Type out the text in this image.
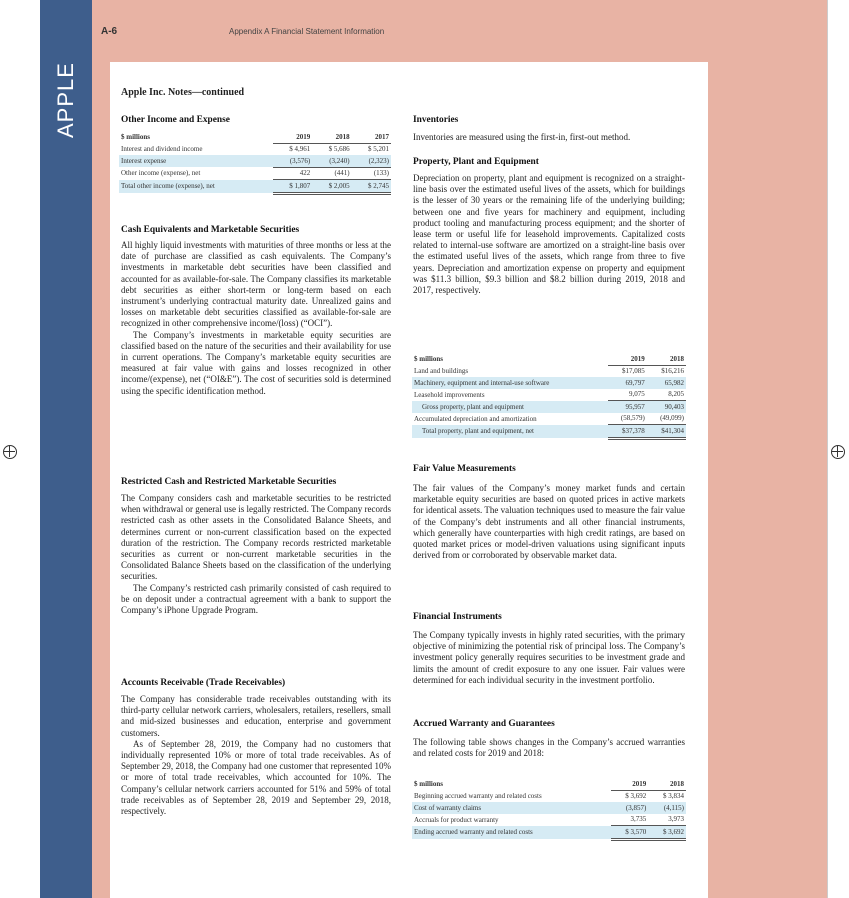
APPLE
A-6	Appendix A Financial Statement Information
Apple Inc. Notes—continued
Other Income and Expense
$ millions	2019	2018	2017
Interest and dividend income	$ 4,961	$ 5,686	$ 5,201
Interest expense	(3,576)	(3,240)	(2,323)
Other income (expense), net	422	(441)	(133)
Total other income (expense), net	$ 1,807	$ 2,005	$ 2,745
Cash Equivalents and Marketable Securities

All highly liquid investments with maturities of three months or less at the date of purchase are classified as cash equivalents. The Company’s investments in marketable debt securities have been classified and accounted for as available-for-sale. The Company classifies its marketable debt securities as either short-term or long-term based on each instrument’s underlying contractual maturity date. Unrealized gains and losses on marketable debt securities classified as available-for-sale are recognized in other comprehensive income/(loss) (“OCI”).

The Company’s investments in marketable equity securities are classified based on the nature of the securities and their availability for use in current operations. The Company’s marketable equity securities are measured at fair value with gains and losses recognized in other income/(expense), net (“OI&E”). The cost of securities sold is determined using the specific identification method.

Restricted Cash and Restricted Marketable Securities

The Company considers cash and marketable securities to be restricted when withdrawal or general use is legally restricted. The Company records restricted cash as other assets in the Consolidated Balance Sheets, and determines current or non-current classification based on the expected duration of the restriction. The Company records restricted marketable securities as current or non-current marketable securities in the Consolidated Balance Sheets based on the classification of the underlying securities.

The Company’s restricted cash primarily consisted of cash required to be on deposit under a contractual agreement with a bank to support the Company’s iPhone Upgrade Program.

Accounts Receivable (Trade Receivables)

The Company has considerable trade receivables outstanding with its third-party cellular network carriers, wholesalers, retailers, resellers, small and mid-sized businesses and education, enterprise and government customers.

As of September 28, 2019, the Company had no customers that individually represented 10% or more of total trade receivables. As of September 29, 2018, the Company had one customer that represented 10% or more of total trade receivables, which accounted for 10%. The Company’s cellular network carriers accounted for 51% and 59% of total trade receivables as of September 28, 2019 and September 29, 2018, respectively.

Inventories

Inventories are measured using the first-in, first-out method.

Property, Plant and Equipment

Depreciation on property, plant and equipment is recognized on a straight-line basis over the estimated useful lives of the assets, which for buildings is the lesser of 30 years or the remaining life of the underlying building; between one and five years for machinery and equipment, including product tooling and manufacturing process equipment; and the shorter of lease term or useful life for leasehold improvements. Capitalized costs related to internal-use software are amortized on a straight-line basis over the estimated useful lives of the assets, which range from three to five years. Depreciation and amortization expense on property and equipment was $11.3 billion, $9.3 billion and $8.2 billion during 2019, 2018 and 2017, respectively.

$ millions	2019	2018
Land and buildings	$17,085	$16,216
Machinery, equipment and internal-use software	69,797	65,982
Leasehold improvements	9,075	8,205
Gross property, plant and equipment	95,957	90,403
Accumulated depreciation and amortization	(58,579)	(49,099)
Total property, plant and equipment, net	$37,378	$41,304
Fair Value Measurements

The fair values of the Company’s money market funds and certain marketable equity securities are based on quoted prices in active markets for identical assets. The valuation techniques used to measure the fair value of the Company’s debt instruments and all other financial instruments, which generally have counterparties with high credit ratings, are based on quoted market prices or model-driven valuations using significant inputs derived from or corroborated by observable market data.

Financial Instruments

The Company typically invests in highly rated securities, with the primary objective of minimizing the potential risk of principal loss. The Company’s investment policy generally requires securities to be investment grade and limits the amount of credit exposure to any one issuer. Fair values were determined for each individual security in the investment portfolio.

Accrued Warranty and Guarantees

The following table shows changes in the Company’s accrued warranties and related costs for 2019 and 2018:

$ millions	2019	2018
Beginning accrued warranty and related costs	$ 3,692	$ 3,834
Cost of warranty claims	(3,857)	(4,115)
Accruals for product warranty	3,735	3,973
Ending accrued warranty and related costs	$ 3,570	$ 3,692
